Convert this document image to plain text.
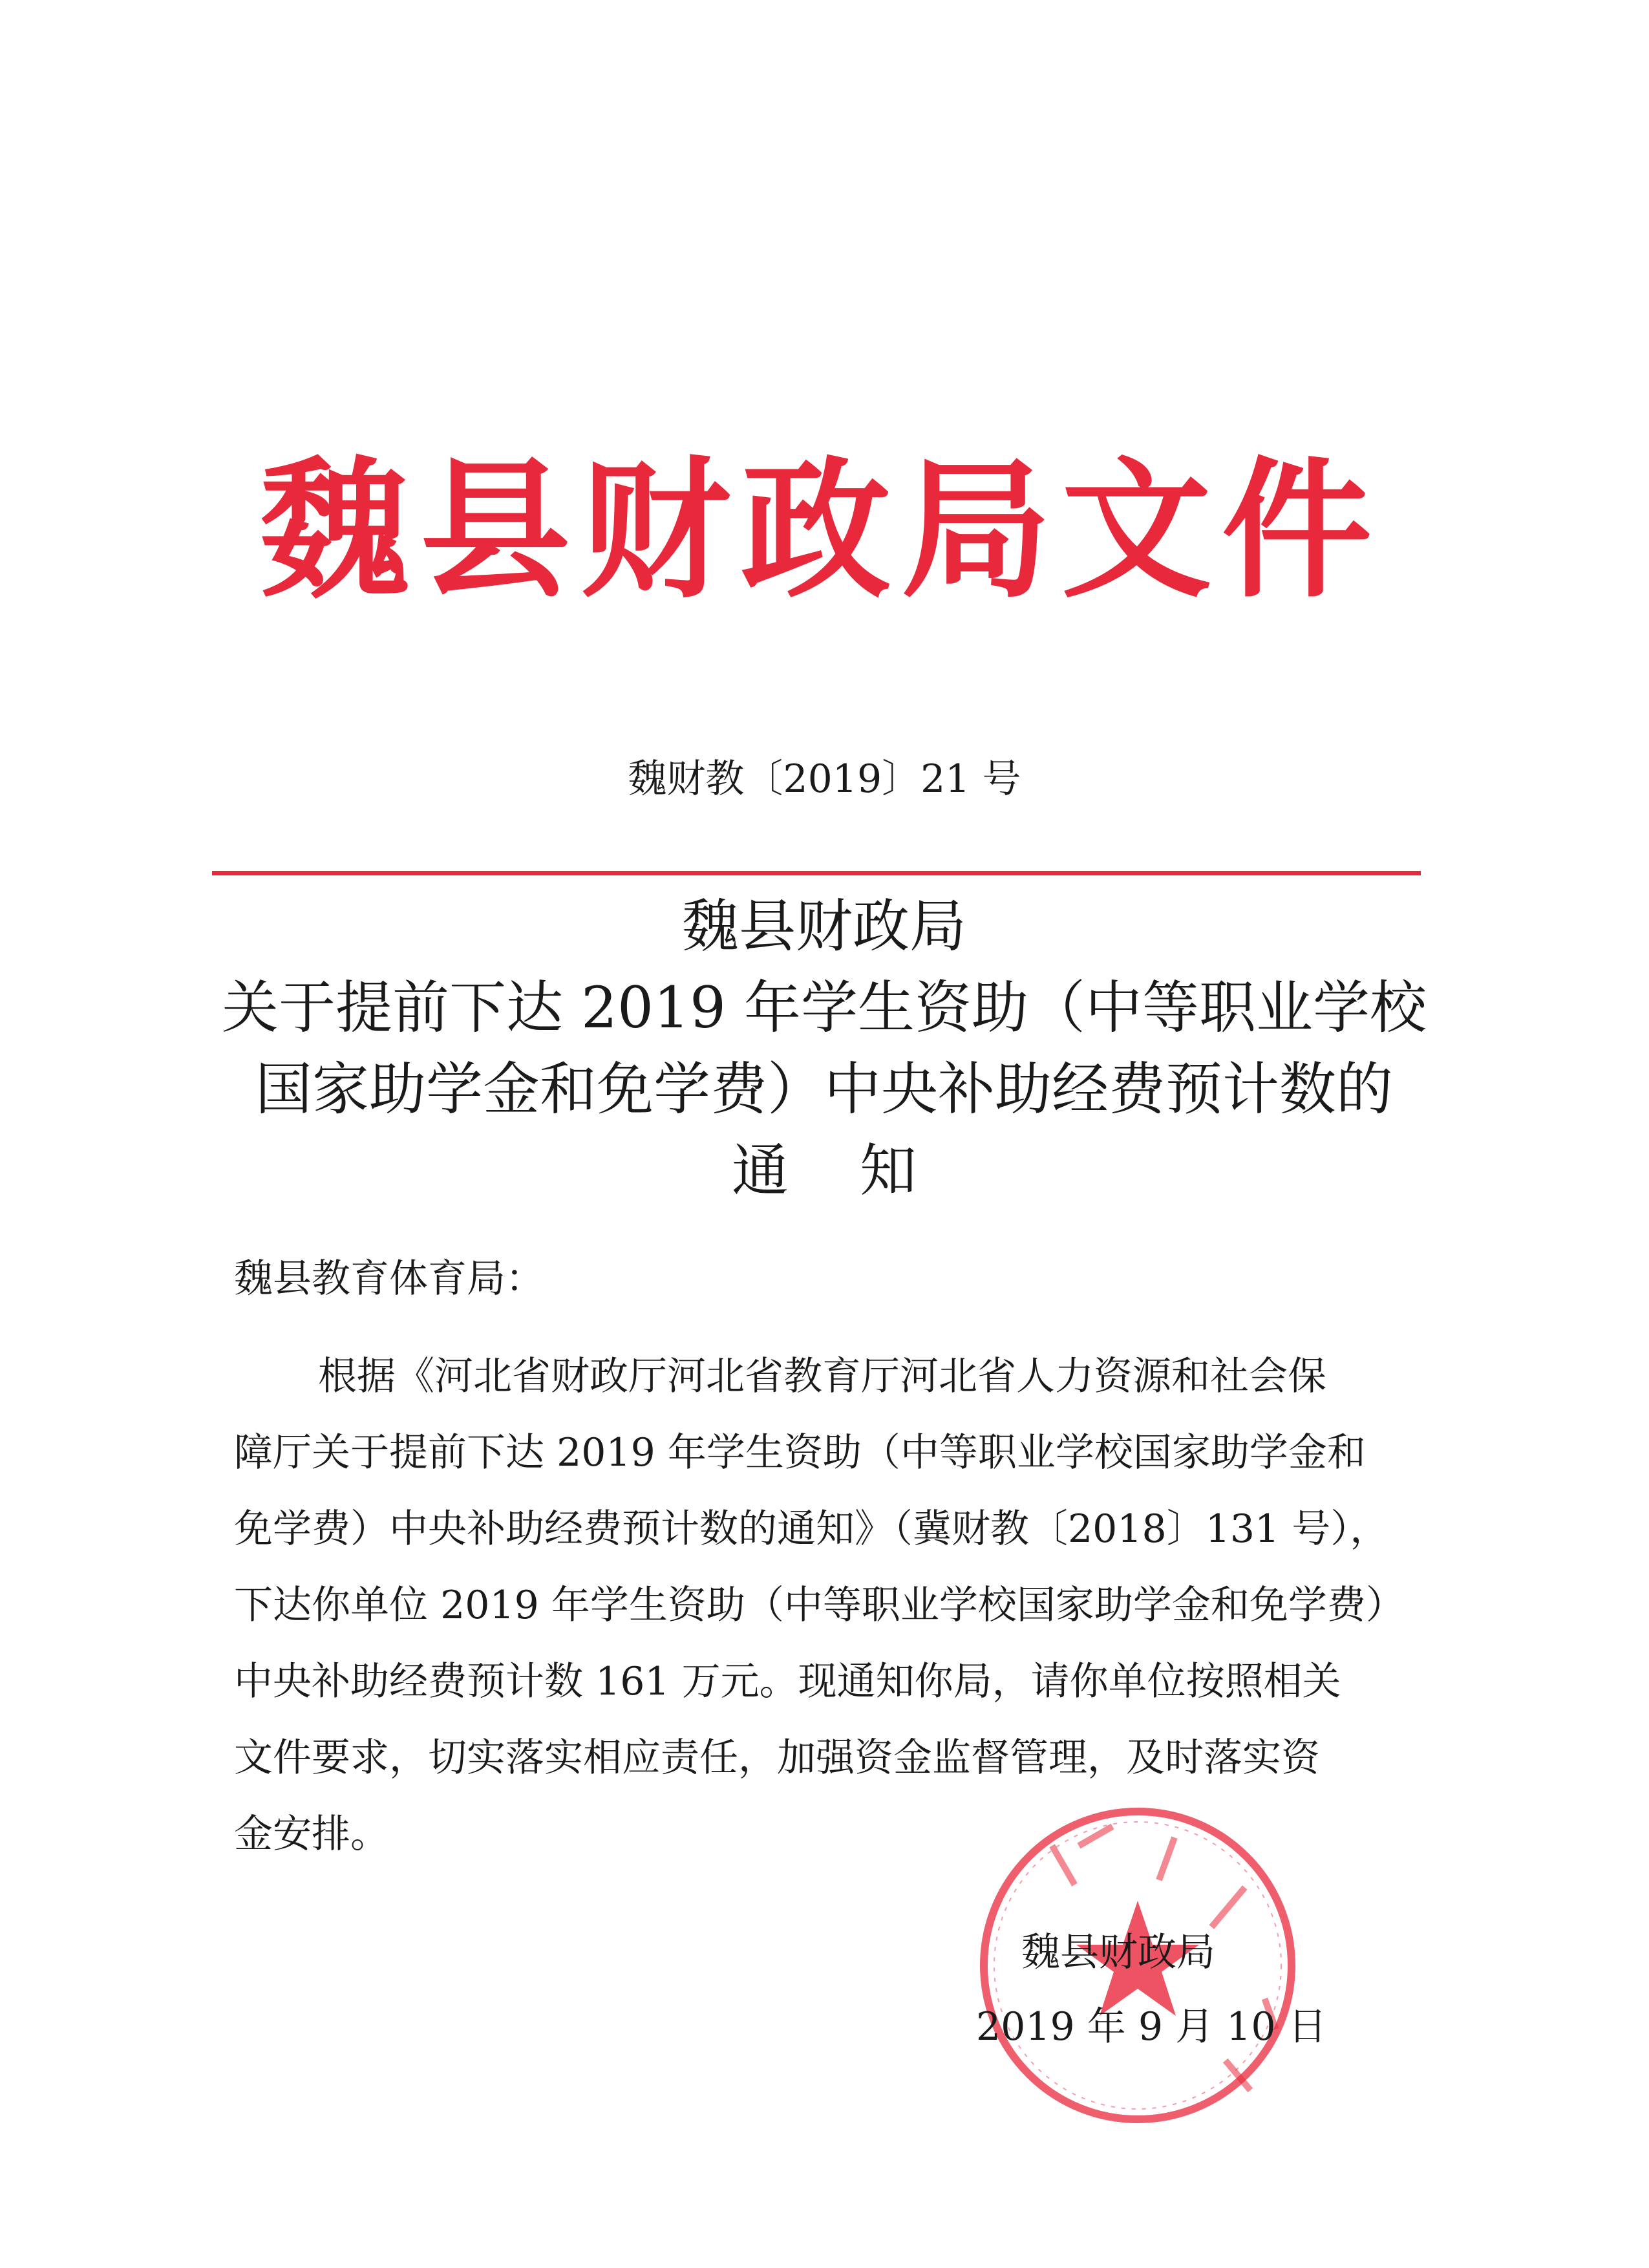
魏县财政局文件
魏财教〔2019〕21 号
魏县财政局
关于提前下达 2019 年学生资助（中等职业学校
国家助学金和免学费）中央补助经费预计数的
通知
魏县教育体育局：
根据《河北省财政厅河北省教育厅河北省人力资源和社会保
障厅关于提前下达 2019 年学生资助（中等职业学校国家助学金和
免学费）中央补助经费预计数的通知》（冀财教〔2018〕131 号），
下达你单位 2019 年学生资助（中等职业学校国家助学金和免学费）
中央补助经费预计数 161 万元。现通知你局，请你单位按照相关
文件要求，切实落实相应责任，加强资金监督管理，及时落实资
金安排。
魏县财政局
2019 年 9 月 10 日
